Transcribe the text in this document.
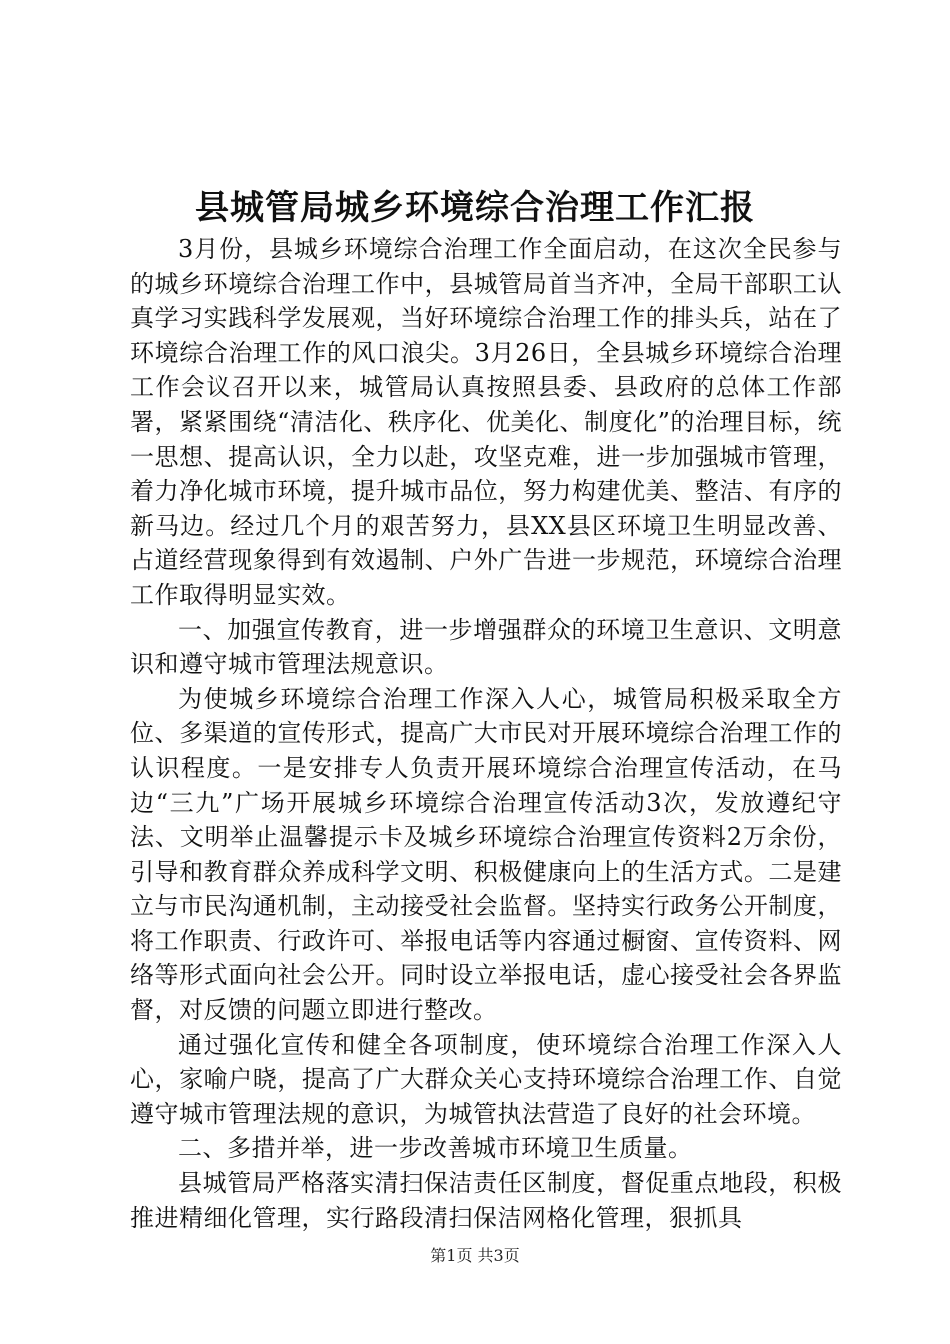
县城管局城乡环境综合治理工作汇报

3月份，县城乡环境综合治理工作全面启动，在这次全民参与的城乡环境综合治理工作中，县城管局首当齐冲，全局干部职工认真学习实践科学发展观，当好环境综合治理工作的排头兵，站在了环境综合治理工作的风口浪尖。3月26日，全县城乡环境综合治理工作会议召开以来，城管局认真按照县委、县政府的总体工作部署，紧紧围绕“清洁化、秩序化、优美化、制度化”的治理目标，统一思想、提高认识，全力以赴，攻坚克难，进一步加强城市管理，着力净化城市环境，提升城市品位，努力构建优美、整洁、有序的新马边。经过几个月的艰苦努力，县XX县区环境卫生明显改善、占道经营现象得到有效遏制、户外广告进一步规范，环境综合治理工作取得明显实效。

一、加强宣传教育，进一步增强群众的环境卫生意识、文明意识和遵守城市管理法规意识。

为使城乡环境综合治理工作深入人心，城管局积极采取全方位、多渠道的宣传形式，提高广大市民对开展环境综合治理工作的认识程度。一是安排专人负责开展环境综合治理宣传活动，在马边“三九”广场开展城乡环境综合治理宣传活动3次，发放遵纪守法、文明举止温馨提示卡及城乡环境综合治理宣传资料2万余份，引导和教育群众养成科学文明、积极健康向上的生活方式。二是建立与市民沟通机制，主动接受社会监督。坚持实行政务公开制度，将工作职责、行政许可、举报电话等内容通过橱窗、宣传资料、网络等形式面向社会公开。同时设立举报电话，虚心接受社会各界监督，对反馈的问题立即进行整改。

通过强化宣传和健全各项制度，使环境综合治理工作深入人心，家喻户晓，提高了广大群众关心支持环境综合治理工作、自觉遵守城市管理法规的意识，为城管执法营造了良好的社会环境。

二、多措并举，进一步改善城市环境卫生质量。

县城管局严格落实清扫保洁责任区制度，督促重点地段，积极推进精细化管理，实行路段清扫保洁网格化管理，狠抓具

第1页 共3页
